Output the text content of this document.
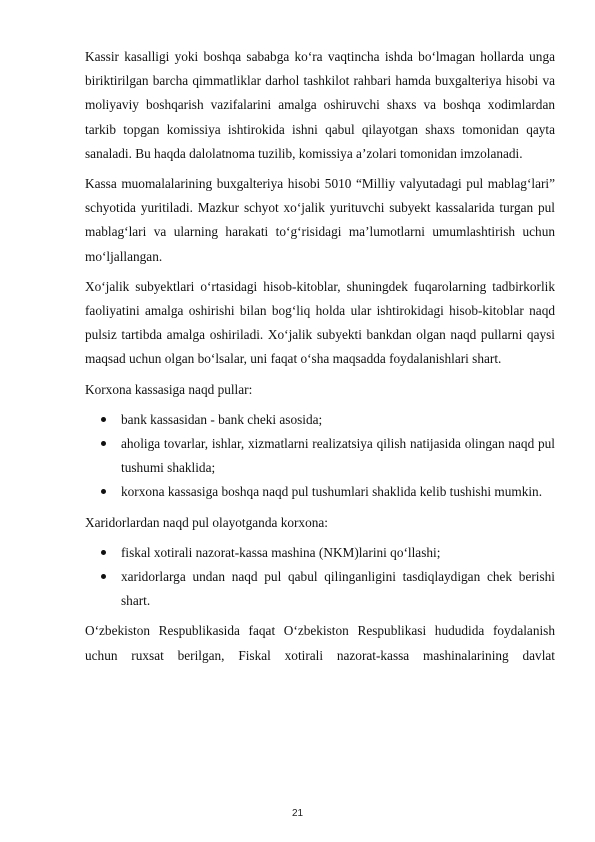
Kassir kasalligi yoki boshqa sababga ko‘ra vaqtincha ishda bo‘lmagan hollarda unga biriktirilgan barcha qimmatliklar darhol tashkilot rahbari hamda buxgalteriya hisobi va moliyaviy boshqarish vazifalarini amalga oshiruvchi shaxs va boshqa xodimlardan tarkib topgan komissiya ishtirokida ishni qabul qilayotgan shaxs tomonidan qayta sanaladi. Bu haqda dalolatnoma tuzilib, komissiya a’zolari tomonidan imzolanadi.

Kassa muomalalarining buxgalteriya hisobi 5010 “Milliy valyutadagi pul mablag‘lari” schyotida yuritiladi. Mazkur schyot xo‘jalik yurituvchi subyekt kassalarida turgan pul mablag‘lari va ularning harakati to‘g‘risidagi ma’lumotlarni umumlashtirish uchun mo‘ljallangan.

Xo‘jalik subyektlari o‘rtasidagi hisob-kitoblar, shuningdek fuqarolarning tadbirkorlik faoliyatini amalga oshirishi bilan bog‘liq holda ular ishtirokidagi hisob-kitoblar naqd pulsiz tartibda amalga oshiriladi. Xo‘jalik subyekti bankdan olgan naqd pullarni qaysi maqsad uchun olgan bo‘lsalar, uni faqat o‘sha maqsadda foydalanishlari shart.

Korxona kassasiga naqd pullar:

bank kassasidan - bank cheki asosida;
aholiga tovarlar, ishlar, xizmatlarni realizatsiya qilish natijasida olingan naqd pul tushumi shaklida;
korxona kassasiga boshqa naqd pul tushumlari shaklida kelib tushishi mumkin.

Xaridorlardan naqd pul olayotganda korxona:

fiskal xotirali nazorat-kassa mashina (NKM)larini qo‘llashi;
xaridorlarga undan naqd pul qabul qilinganligini tasdiqlaydigan chek berishi shart.

O‘zbekiston Respublikasida faqat O‘zbekiston Respublikasi hududida foydalanish uchun ruxsat berilgan, Fiskal xotirali nazorat-kassa mashinalarining davlat

21
